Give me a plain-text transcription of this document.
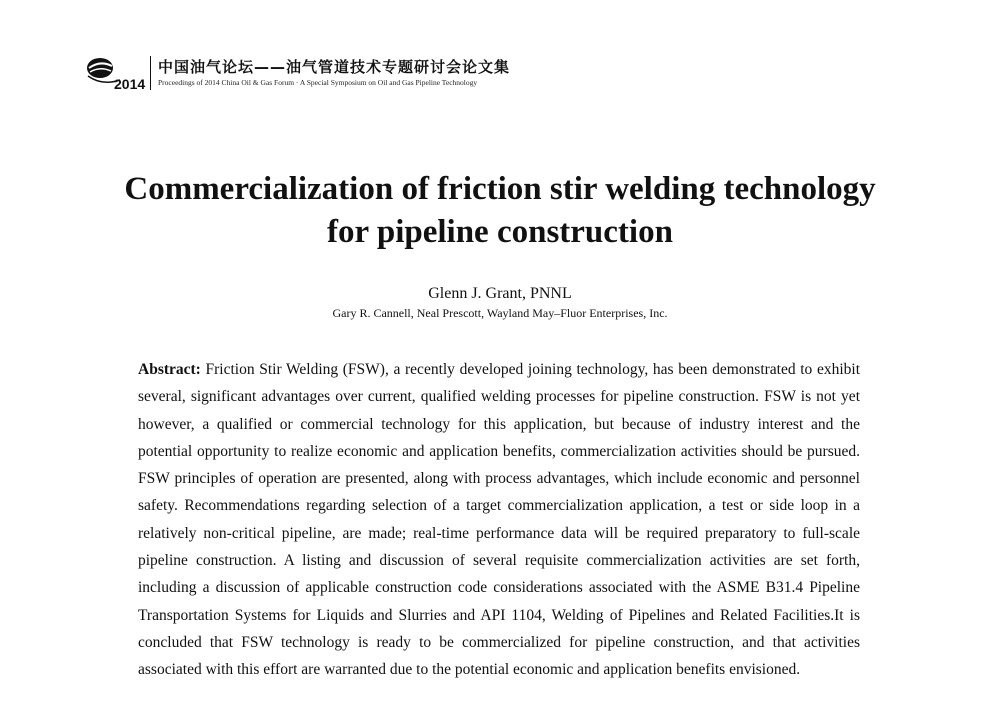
2014
中国油气论坛——油气管道技术专题研讨会论文集
Proceedings of 2014 China Oil & Gas Forum · A Special Symposium on Oil and Gas Pipeline Technology
Commercialization of friction stir welding technology
for pipeline construction
Glenn J. Grant, PNNL
Gary R. Cannell, Neal Prescott, Wayland May–Fluor Enterprises, Inc.

Abstract: Friction Stir Welding (FSW), a recently developed joining technology, has been demonstrated to exhibit several, significant advantages over current, qualified welding processes for pipeline construction. FSW is not yet however, a qualified or commercial technology for this application, but because of industry interest and the potential opportunity to realize economic and application benefits, commercialization activities should be pursued. FSW principles of operation are presented, along with process advantages, which include economic and personnel safety. Recommendations regarding selection of a target commercialization application, a test or side loop in a relatively non-critical pipeline, are made; real-time performance data will be required preparatory to full-scale pipeline construction. A listing and discussion of several requisite commercialization activities are set forth, including a discussion of applicable construction code considerations associated with the ASME B31.4 Pipeline Transportation Systems for Liquids and Slurries and API 1104, Welding of Pipelines and Related Facilities.It is concluded that FSW technology is ready to be commercialized for pipeline construction, and that activities associated with this effort are warranted due to the potential economic and application benefits envisioned.
